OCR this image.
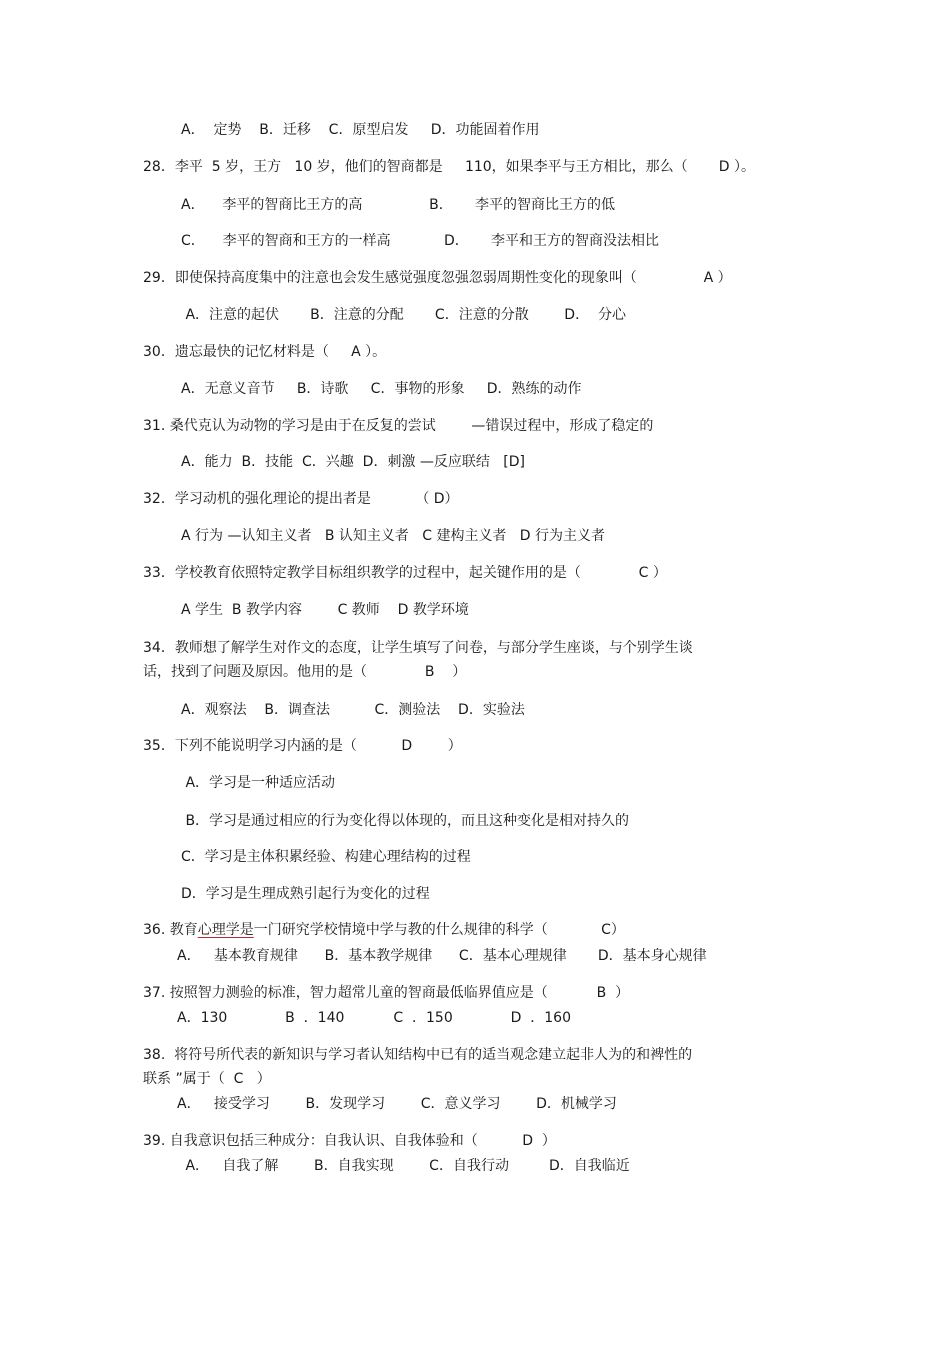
A．  定势    B．迁移    C．原型启发     D．功能固着作用
28．李平  5 岁，王方   10 岁，他们的智商都是     110，如果李平与王方相比，那么（       D ）。
A．    李平的智商比王方的高               B．     李平的智商比王方的低
C．    李平的智商和王方的一样高            D．     李平和王方的智商没法相比
29．即使保持高度集中的注意也会发生感觉强度忽强忽弱周期性变化的现象叫（               A ）
A．注意的起伏       B．注意的分配       C．注意的分散        D．  分心
30．遗忘最快的记忆材料是（     A ）。
A．无意义音节     B．诗歌     C．事物的形象     D．熟练的动作
31. 桑代克认为动物的学习是由于在反复的尝试        —错误过程中，形成了稳定的
A．能力  B．技能  C．兴趣  D．刺激 —反应联结   [D]
32．学习动机的强化理论的提出者是          （ D）
A 行为 —认知主义者   B 认知主义者   C 建构主义者   D 行为主义者
33．学校教育依照特定教学目标组织教学的过程中，起关键作用的是（             C ）
A 学生  B 教学内容        C 教师    D 教学环境
34．教师想了解学生对作文的态度，让学生填写了问卷，与部分学生座谈，与个别学生谈
话，找到了问题及原因。他用的是（             B    ）
A．观察法    B．调查法          C．测验法    D．实验法
35．下列不能说明学习内涵的是（          D        ）
A．学习是一种适应活动
B．学习是通过相应的行为变化得以体现的，而且这种变化是相对持久的
C．学习是主体积累经验、构建心理结构的过程
D．学习是生理成熟引起行为变化的过程
36. 教育心理学是一门研究学校情境中学与教的什么规律的科学（            C）
A．   基本教育规律      B．基本教学规律      C．基本心理规律       D．基本身心规律
37. 按照智力测验的标准，智力超常儿童的智商最低临界值应是（           B  ）
A．130             B  ．140           C  ．150             D  ．160
38.  将符号所代表的新知识与学习者认知结构中已有的适当观念建立起非人为的和裨性的
联系 ”属于（  C   ）
A．   接受学习        B．发现学习        C．意义学习        D．机械学习
39. 自我意识包括三种成分：自我认识、自我体验和（          D  ）
A．   自我了解        B．自我实现        C．自我行动         D．自我临近
